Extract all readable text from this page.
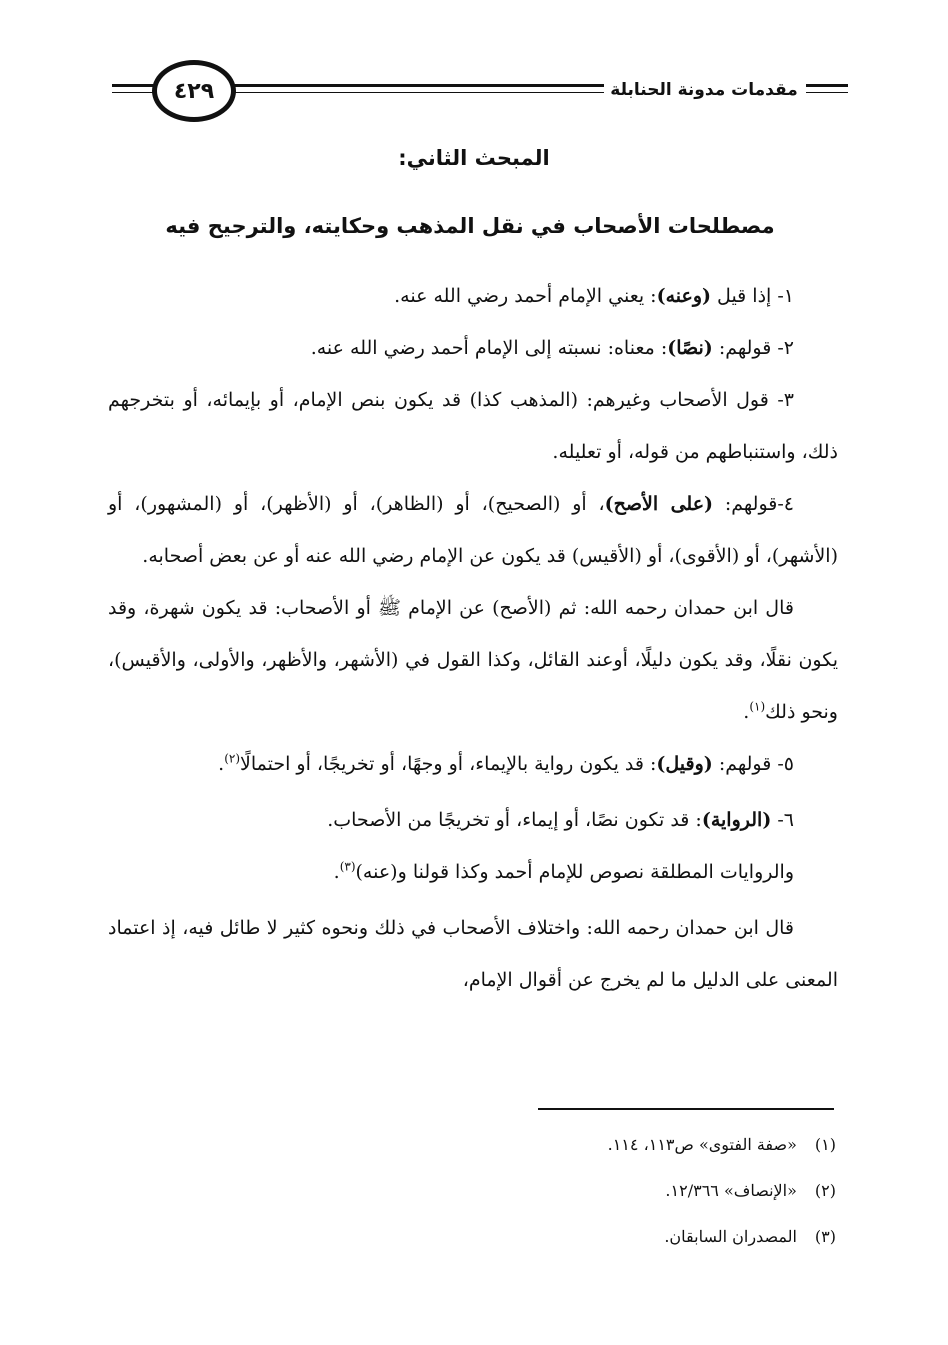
٤٢٩	مقدمات مدونة الحنابلة
المبحث الثاني:
مصطلحات الأصحاب في نقل المذهب وحكايته، والترجيح فيه

١- إذا قيل (وعنه): يعني الإمام أحمد رضي الله عنه.

٢- قولهم: (نصًا): معناه: نسبته إلى الإمام أحمد رضي الله عنه.

٣- قول الأصحاب وغيرهم: (المذهب كذا) قد يكون بنص الإمام، أو بإيمائه، أو بتخرجهم ذلك، واستنباطهم من قوله، أو تعليله.

٤-قولهم: (على الأصح)، أو (الصحيح)، أو (الظاهر)، أو (الأظهر)، أو (المشهور)، أو (الأشهر)، أو (الأقوى)، أو (الأقيس) قد يكون عن الإمام رضي الله عنه أو عن بعض أصحابه.

قال ابن حمدان رحمه الله: ثم (الأصح) عن الإمام ﷺ أو الأصحاب: قد يكون شهرة، وقد يكون نقلًا، وقد يكون دليلًا، أوعند القائل، وكذا القول في (الأشهر، والأظهر، والأولى، والأقيس)، ونحو ذلك$^{(١)}$.

٥- قولهم: (وقيل): قد يكون رواية بالإيماء، أو وجهًا، أو تخريجًا، أو احتمالًا$^{(٢)}$.

٦- (الرواية): قد تكون نصًا، أو إيماء، أو تخريجًا من الأصحاب.

والروايات المطلقة نصوص للإمام أحمد وكذا قولنا و(عنه)$^{(٣)}$.

قال ابن حمدان رحمه الله: واختلاف الأصحاب في ذلك ونحوه كثير لا طائل فيه، إذ اعتماد المعنى على الدليل ما لم يخرج عن أقوال الإمام،

(١)«صفة الفتوى» ص١١٣، ١١٤.

(٢)«الإنصاف» ١٢/٣٦٦.

(٣)المصدران السابقان.
